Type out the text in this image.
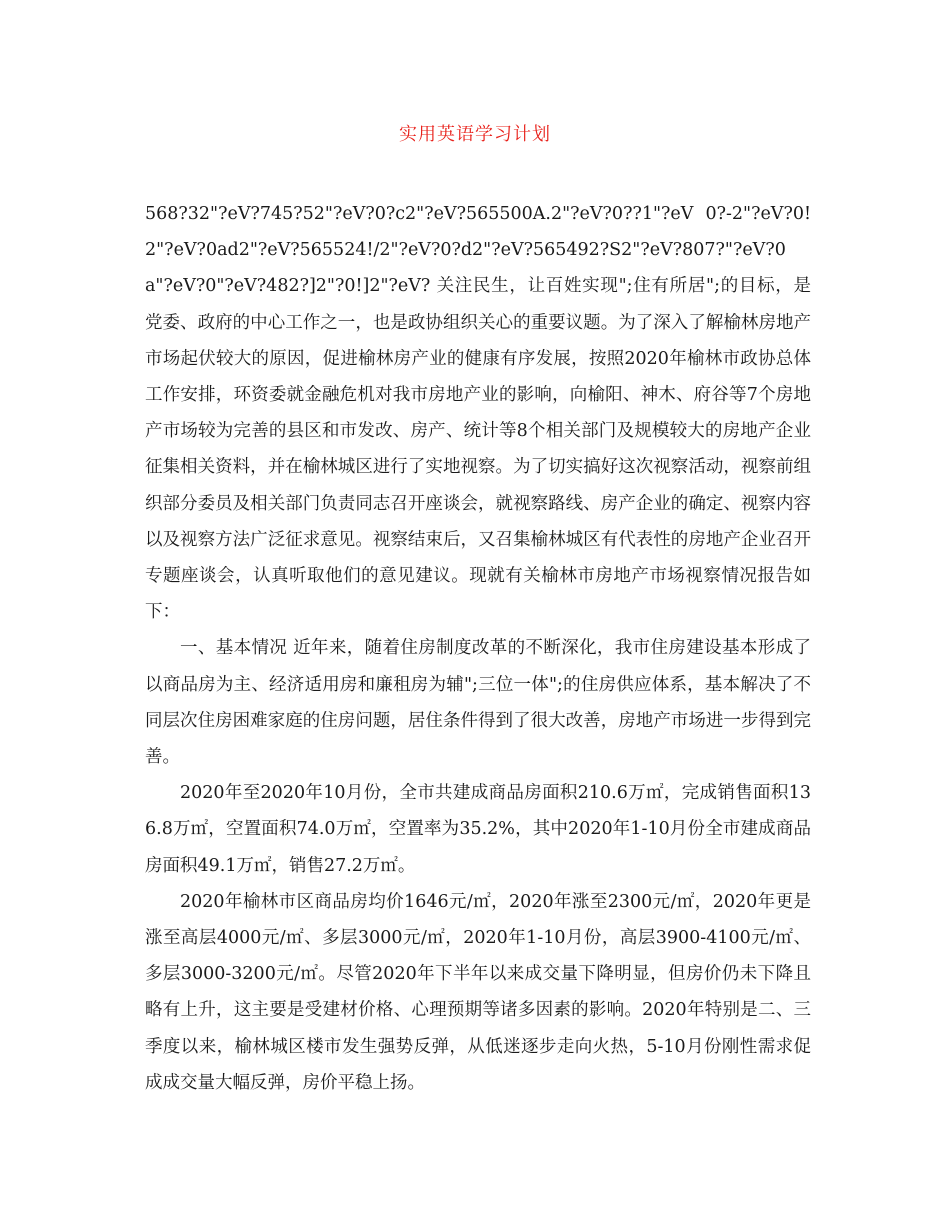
实用英语学习计划

568?32"?eV?745?52"?eV?0?c2"?eV?565500A.2"?eV?0??1"?eV 0?-2"?eV?0!2"?eV?0ad2"?eV?565524!/2"?eV?0?d2"?eV?565492?S2"?eV?807?"?eV?0a"?eV?0"?eV?482?]2"?0!]2"?eV? 关注民生，让百姓实现";住有所居";的目标，是党委、政府的中心工作之一，也是政协组织关心的重要议题。为了深入了解榆林房地产市场起伏较大的原因，促进榆林房产业的健康有序发展，按照2020年榆林市政协总体工作安排，环资委就金融危机对我市房地产业的影响，向榆阳、神木、府谷等7个房地产市场较为完善的县区和市发改、房产、统计等8个相关部门及规模较大的房地产企业征集相关资料，并在榆林城区进行了实地视察。为了切实搞好这次视察活动，视察前组织部分委员及相关部门负责同志召开座谈会，就视察路线、房产企业的确定、视察内容以及视察方法广泛征求意见。视察结束后，又召集榆林城区有代表性的房地产企业召开专题座谈会，认真听取他们的意见建议。现就有关榆林市房地产市场视察情况报告如下：

一、基本情况 近年来，随着住房制度改革的不断深化，我市住房建设基本形成了以商品房为主、经济适用房和廉租房为辅";三位一体";的住房供应体系，基本解决了不同层次住房困难家庭的住房问题，居住条件得到了很大改善，房地产市场进一步得到完善。

2020年至2020年10月份，全市共建成商品房面积210.6万㎡，完成销售面积136.8万㎡，空置面积74.0万㎡，空置率为35.2%，其中2020年1-10月份全市建成商品房面积49.1万㎡，销售27.2万㎡。

2020年榆林市区商品房均价1646元/㎡，2020年涨至2300元/㎡，2020年更是涨至高层4000元/㎡、多层3000元/㎡，2020年1-10月份，高层3900-4100元/㎡、多层3000-3200元/㎡。尽管2020年下半年以来成交量下降明显，但房价仍未下降且略有上升，这主要是受建材价格、心理预期等诸多因素的影响。2020年特别是二、三季度以来，榆林城区楼市发生强势反弹，从低迷逐步走向火热，5-10月份刚性需求促成成交量大幅反弹，房价平稳上扬。
